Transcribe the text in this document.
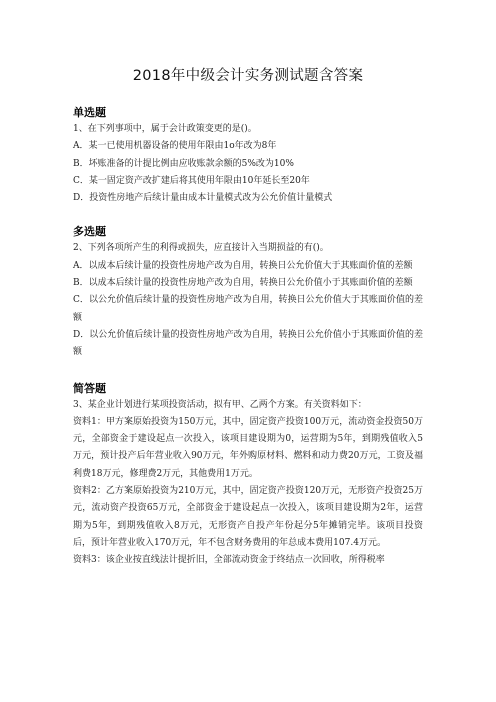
2018年中级会计实务测试题含答案

单选题

1、在下列事项中，属于会计政策变更的是()。

A．某一已使用机器设备的使用年限由1o年改为8年

B．坏账准备的计提比例由应收账款余额的5%改为10%

C．某一固定资产改扩建后将其使用年限由10年延长至20年

D．投资性房地产后续计量由成本计量模式改为公允价值计量模式

多选题

2、下列各项所产生的利得或损失，应直接计入当期损益的有()。

A．以成本后续计量的投资性房地产改为自用，转换日公允价值大于其账面价值的差额

B．以成本后续计量的投资性房地产改为自用，转换日公允价值小于其账面价值的差额

C．以公允价值后续计量的投资性房地产改为自用，转换日公允价值大于其账面价值的差额

D．以公允价值后续计量的投资性房地产改为自用，转换日公允价值小于其账面价值的差额

简答题

3、某企业计划进行某项投资活动，拟有甲、乙两个方案。有关资料如下：

资料1：甲方案原始投资为150万元，其中，固定资产投资100万元，流动资金投资50万元，全部资金于建设起点一次投入，该项目建设期为0，运营期为5年，到期残值收入5万元，预计投产后年营业收入90万元，年外购原材料、燃料和动力费20万元，工资及福利费18万元，修理费2万元，其他费用1万元。

资料2：乙方案原始投资为210万元，其中，固定资产投资120万元，无形资产投资25万元，流动资产投资65万元，全部资金于建设起点一次投入，该项目建设期为2年，运营期为5年，到期残值收入8万元，无形资产自投产年份起分5年摊销完毕。该项目投资后，预计年营业收入170万元，年不包含财务费用的年总成本费用107.4万元。

资料3：该企业按直线法计提折旧，全部流动资金于终结点一次回收，所得税率
